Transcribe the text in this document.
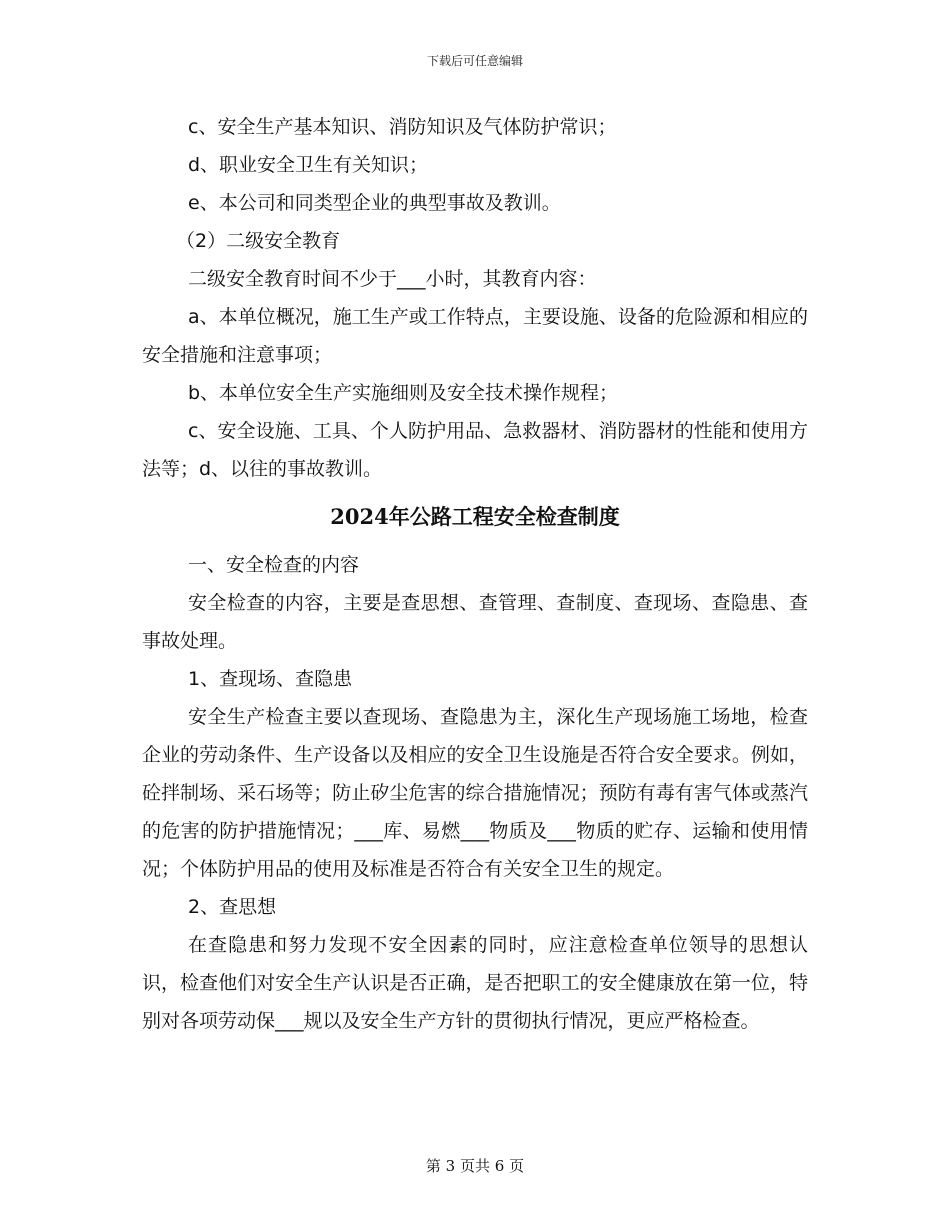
下载后可任意编辑

c、安全生产基本知识、消防知识及气体防护常识；

d、职业安全卫生有关知识；

e、本公司和同类型企业的典型事故及教训。

（2）二级安全教育

二级安全教育时间不少于___小时，其教育内容：

a、本单位概况，施工生产或工作特点，主要设施、设备的危险源和相应的安全措施和注意事项；

b、本单位安全生产实施细则及安全技术操作规程；

c、安全设施、工具、个人防护用品、急救器材、消防器材的性能和使用方法等；d、以往的事故教训。

2024年公路工程安全检查制度

一、安全检查的内容

安全检查的内容，主要是查思想、查管理、查制度、查现场、查隐患、查事故处理。

1、查现场、查隐患

安全生产检查主要以查现场、查隐患为主，深化生产现场施工场地，检查企业的劳动条件、生产设备以及相应的安全卫生设施是否符合安全要求。例如，砼拌制场、采石场等；防止矽尘危害的综合措施情况；预防有毒有害气体或蒸汽的危害的防护措施情况；___库、易燃___物质及___物质的贮存、运输和使用情况；个体防护用品的使用及标准是否符合有关安全卫生的规定。

2、查思想

在查隐患和努力发现不安全因素的同时，应注意检查单位领导的思想认识，检查他们对安全生产认识是否正确，是否把职工的安全健康放在第一位，特别对各项劳动保___规以及安全生产方针的贯彻执行情况，更应严格检查。

第 3 页共 6 页
